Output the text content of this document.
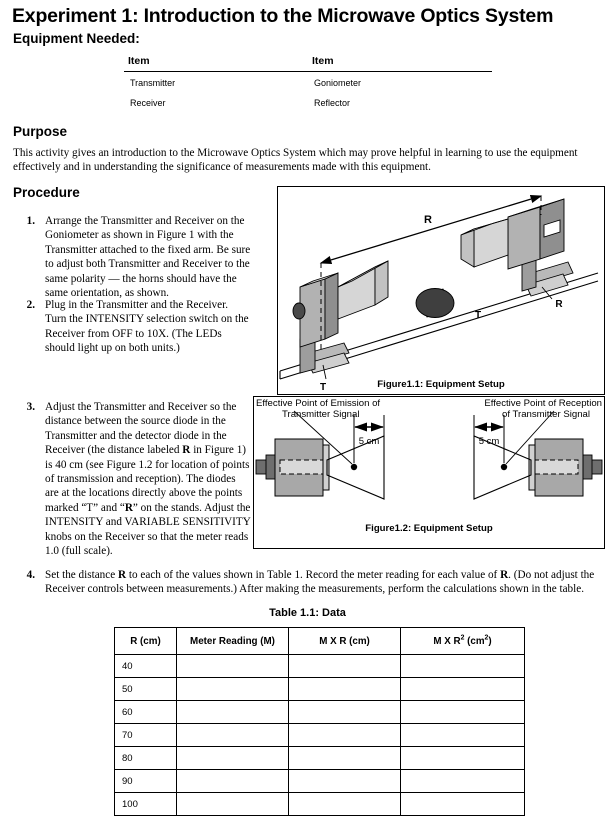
Experiment 1: Introduction to the Microwave Optics System
Equipment Needed:
Item	Item
Transmitter	Goniometer
Receiver	Reflector
Purpose
This activity gives an introduction to the Microwave Optics System which may prove helpful in learning to use the equipment effectively and in understanding the significance of measurements made with this equipment.
Procedure
1. Arrange the Transmitter and Receiver on the Goniometer as shown in Figure 1 with the Transmitter attached to the fixed arm. Be sure to adjust both Transmitter and Receiver to the same polarity — the horns should have the same orientation, as shown.
2. Plug in the Transmitter and the Receiver. Turn the INTENSITY selection switch on the Receiver from OFF to 10X. (The LEDs should light up on both units.)
3. Adjust the Transmitter and Receiver so the distance between the source diode in the Transmitter and the detector diode in the Receiver (the distance labeled R in Figure 1) is 40 cm (see Figure 1.2 for location of points of transmission and reception). The diodes are at the locations directly above the points marked “T” and “R” on the stands. Adjust the INTENSITY and VARIABLE SENSITIVITY knobs on the Receiver so that the meter reads 1.0 (full scale).
4. Set the distance R to each of the values shown in Table 1. Record the meter reading for each value of R. (Do not adjust the Receiver controls between measurements.) After making the measurements, perform the calculations shown in the table.
T
R
R
T
Figure1.1: Equipment Setup
5 cm	5 cm
Effective Point of Emission of
Transmitter Signal
Effective Point of Reception
of Transmitter Signal
Figure1.2: Equipment Setup
Table 1.1: Data
R (cm)	Meter Reading (M)	M X R (cm)	M X $R^2$ $(cm^2)$
40			
50			
60			
70			
80			
90			
100			
